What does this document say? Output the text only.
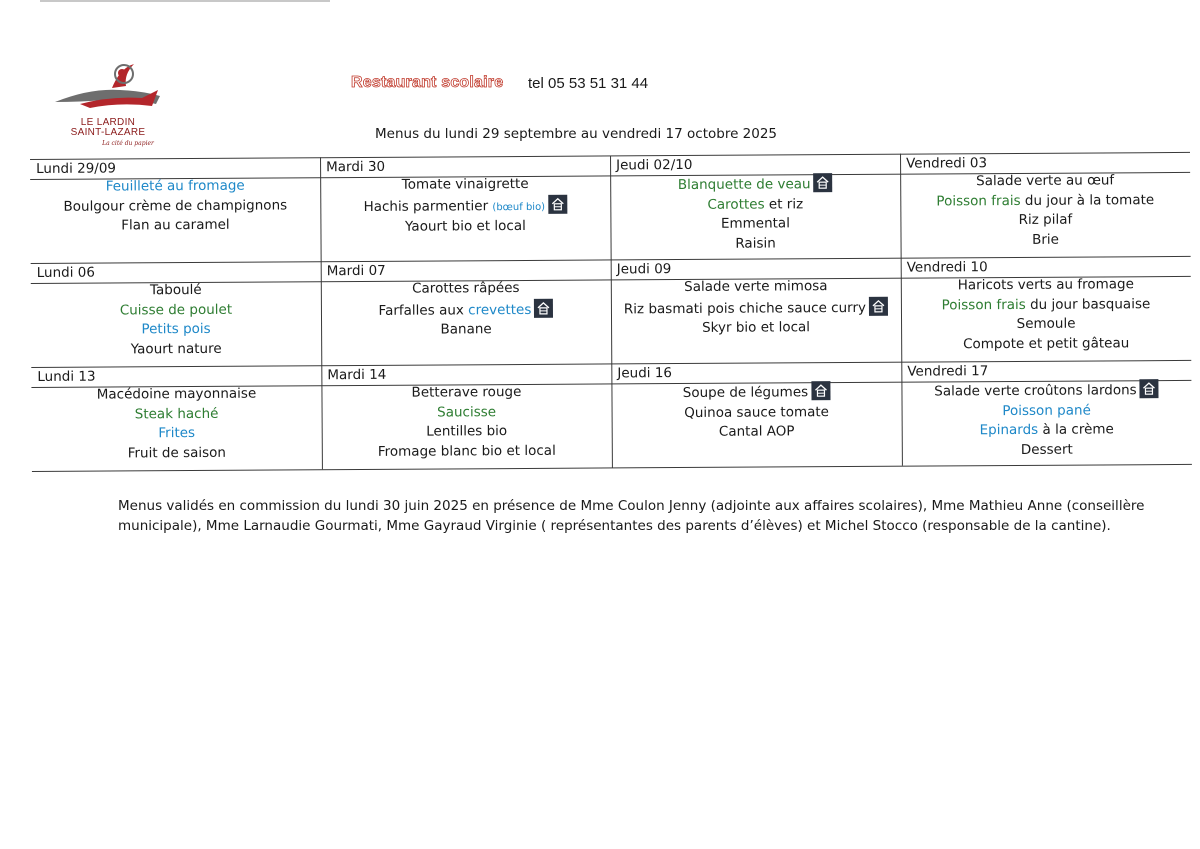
LE LARDIN
SAINT-LAZARE
La cité du papier
Restaurant scolaire tel 05 53 51 31 44
Menus du lundi 29 septembre au vendredi 17 octobre 2025
Lundi 29/09
Feuilleté au fromage
Boulgour crème de champignons
Flan au caramel
Mardi 30
Tomate vinaigrette
Hachis parmentier (bœuf bio)
Yaourt bio et local
Jeudi 02/10
Blanquette de veau
Carottes et riz
Emmental
Raisin
Vendredi 03
Salade verte au œuf
Poisson frais du jour à la tomate
Riz pilaf
Brie
Lundi 06
Taboulé
Cuisse de poulet
Petits pois
Yaourt nature
Mardi 07
Carottes râpées
Farfalles aux crevettes
Banane
Jeudi 09
Salade verte mimosa
Riz basmati pois chiche sauce curry
Skyr bio et local
Vendredi 10
Haricots verts au fromage
Poisson frais du jour basquaise
Semoule
Compote et petit gâteau
Lundi 13
Macédoine mayonnaise
Steak haché
Frites
Fruit de saison
Mardi 14
Betterave rouge
Saucisse
Lentilles bio
Fromage blanc bio et local
Jeudi 16
Soupe de légumes
Quinoa sauce tomate
Cantal AOP
Vendredi 17
Salade verte croûtons lardons
Poisson pané
Epinards à la crème
Dessert
Menus validés en commission du lundi 30 juin 2025 en présence de Mme Coulon Jenny (adjointe aux affaires scolaires), Mme Mathieu Anne (conseillère municipale), Mme Larnaudie Gourmati, Mme Gayraud Virginie ( représentantes des parents d’élèves) et Michel Stocco (responsable de la cantine).
